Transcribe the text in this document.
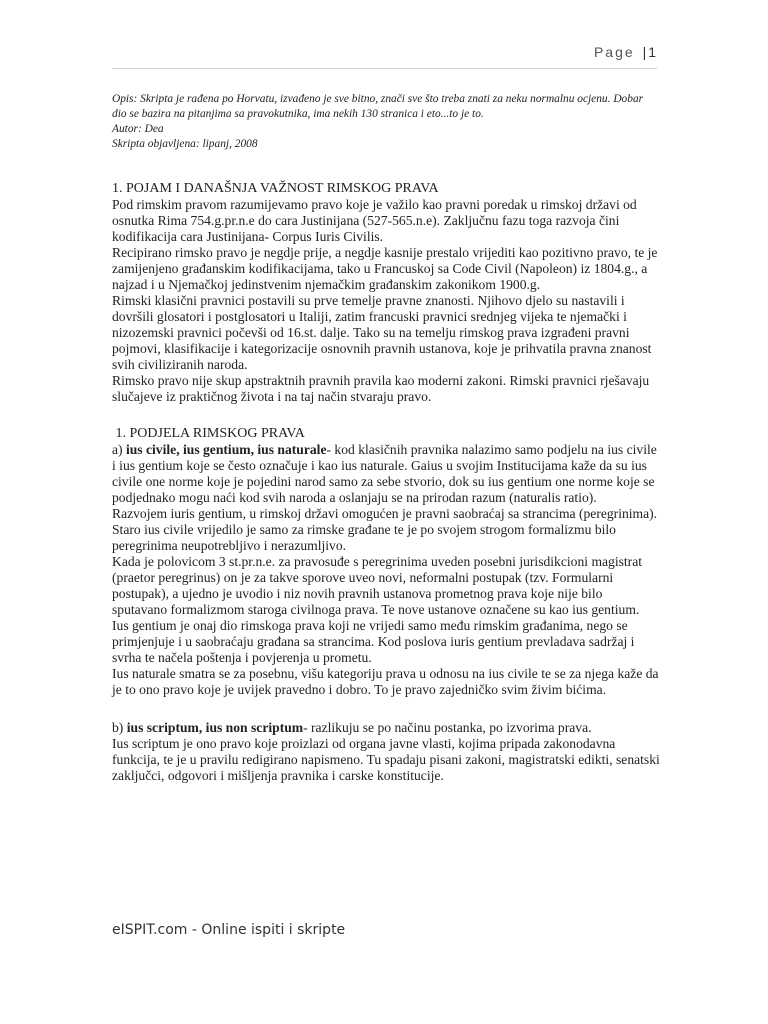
Page | 1

Opis: Skripta je rađena po Horvatu, izvađeno je sve bitno, znači sve što treba znati za neku normalnu ocjenu. Dobar dio se bazira na pitanjima sa pravokutnika, ima nekih 130 stranica i eto...to je to.

Autor: Dea

Skripta objavljena: lipanj, 2008

1. POJAM I DANAŠNJA VAŽNOST RIMSKOG PRAVA

Pod rimskim pravom razumijevamo pravo koje je važilo kao pravni poredak u rimskoj državi od osnutka Rima 754.g.pr.n.e do cara Justinijana (527-565.n.e). Zaključnu fazu toga razvoja čini kodifikacija cara Justinijana- Corpus Iuris Civilis.

Recipirano rimsko pravo je negdje prije, a negdje kasnije prestalo vrijediti kao pozitivno pravo, te je zamijenjeno građanskim kodifikacijama, tako u Francuskoj sa Code Civil (Napoleon) iz 1804.g., a najzad i u Njemačkoj jedinstvenim njemačkim građanskim zakonikom 1900.g.

Rimski klasični pravnici postavili su prve temelje pravne znanosti. Njihovo djelo su nastavili i dovršili glosatori i postglosatori u Italiji, zatim francuski pravnici srednjeg vijeka te njemački i nizozemski pravnici počevši od 16.st. dalje. Tako su na temelju rimskog prava izgrađeni pravni pojmovi, klasifikacije i kategorizacije osnovnih pravnih ustanova, koje je prihvatila pravna znanost svih civiliziranih naroda.

Rimsko pravo nije skup apstraktnih pravnih pravila kao moderni zakoni. Rimski pravnici rješavaju slučajeve iz praktičnog života i na taj način stvaraju pravo.

1. PODJELA RIMSKOG PRAVA

a) ius civile, ius gentium, ius naturale- kod klasičnih pravnika nalazimo samo podjelu na ius civile i ius gentium koje se često označuje i kao ius naturale. Gaius u svojim Institucijama kaže da su ius civile one norme koje je pojedini narod samo za sebe stvorio, dok su ius gentium one norme koje se podjednako mogu naći kod svih naroda a oslanjaju se na prirodan razum (naturalis ratio).

Razvojem iuris gentium, u rimskoj državi omogućen je pravni saobraćaj sa strancima (peregrinima). Staro ius civile vrijedilo je samo za rimske građane te je po svojem strogom formalizmu bilo peregrinima neupotrebljivo i nerazumljivo.

Kada je polovicom 3 st.pr.n.e. za pravosuđe s peregrinima uveden posebni jurisdikcioni magistrat (praetor peregrinus) on je za takve sporove uveo novi, neformalni postupak (tzv. Formularni postupak), a ujedno je uvodio i niz novih pravnih ustanova prometnog prava koje nije bilo sputavano formalizmom staroga civilnoga prava. Te nove ustanove označene su kao ius gentium.

Ius gentium je onaj dio rimskoga prava koji ne vrijedi samo među rimskim građanima, nego se primjenjuje i u saobraćaju građana sa strancima. Kod poslova iuris gentium prevladava sadržaj i svrha te načela poštenja i povjerenja u prometu.

Ius naturale smatra se za posebnu, višu kategoriju prava u odnosu na ius civile te se za njega kaže da je to ono pravo koje je uvijek pravedno i dobro. To je pravo zajedničko svim živim bićima.

b) ius scriptum, ius non scriptum- razlikuju se po načinu postanka, po izvorima prava.

Ius scriptum je ono pravo koje proizlazi od organa javne vlasti, kojima pripada zakonodavna funkcija, te je u pravilu redigirano napismeno. Tu spadaju pisani zakoni, magistratski edikti, senatski zaključci, odgovori i mišljenja pravnika i carske konstitucije.

eISPIT.com - Online ispiti i skripte
